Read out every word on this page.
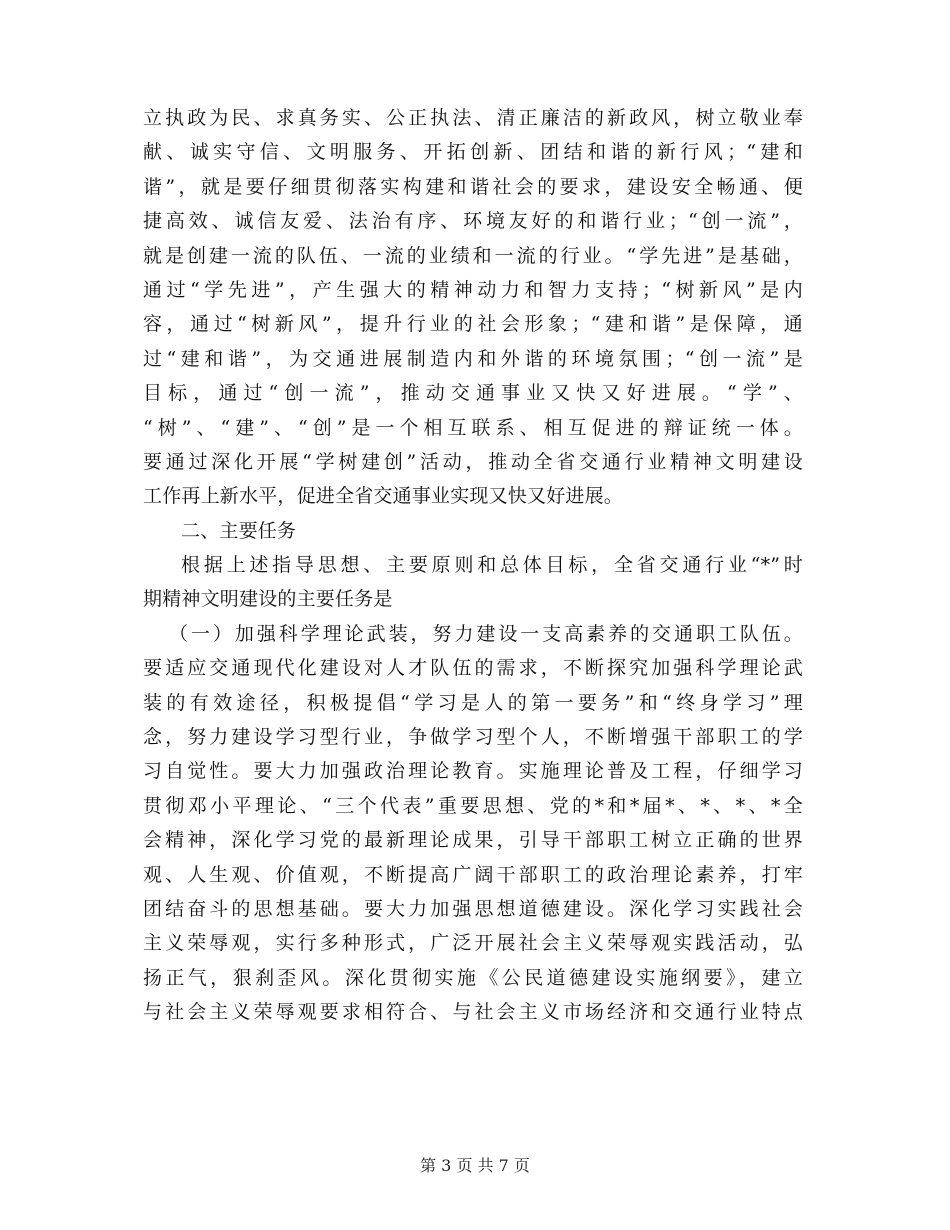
立执政为民、求真务实、公正执法、清正廉洁的新政风，树立敬业奉
献、诚实守信、文明服务、开拓创新、团结和谐的新行风；“建和
谐”，就是要仔细贯彻落实构建和谐社会的要求，建设安全畅通、便
捷高效、诚信友爱、法治有序、环境友好的和谐行业；“创一流”，
就是创建一流的队伍、一流的业绩和一流的行业。“学先进”是基础，
通过“学先进”，产生强大的精神动力和智力支持；“树新风”是内
容，通过“树新风”，提升行业的社会形象；“建和谐”是保障，通
过“建和谐”，为交通进展制造内和外谐的环境氛围；“创一流”是
目标，通过“创一流”，推动交通事业又快又好进展。“学”、
“树”、“建”、“创”是一个相互联系、相互促进的辩证统一体。
要通过深化开展“学树建创”活动，推动全省交通行业精神文明建设
工作再上新水平，促进全省交通事业实现又快又好进展。
二、主要任务
根据上述指导思想、主要原则和总体目标，全省交通行业“*”时
期精神文明建设的主要任务是
（一）加强科学理论武装，努力建设一支高素养的交通职工队伍。
要适应交通现代化建设对人才队伍的需求，不断探究加强科学理论武
装的有效途径，积极提倡“学习是人的第一要务”和“终身学习”理
念，努力建设学习型行业，争做学习型个人，不断增强干部职工的学
习自觉性。要大力加强政治理论教育。实施理论普及工程，仔细学习
贯彻邓小平理论、“三个代表”重要思想、党的*和*届*、*、*、*全
会精神，深化学习党的最新理论成果，引导干部职工树立正确的世界
观、人生观、价值观，不断提高广阔干部职工的政治理论素养，打牢
团结奋斗的思想基础。要大力加强思想道德建设。深化学习实践社会
主义荣辱观，实行多种形式，广泛开展社会主义荣辱观实践活动，弘
扬正气，狠刹歪风。深化贯彻实施《公民道德建设实施纲要》，建立
与社会主义荣辱观要求相符合、与社会主义市场经济和交通行业特点
第 3 页 共 7 页
